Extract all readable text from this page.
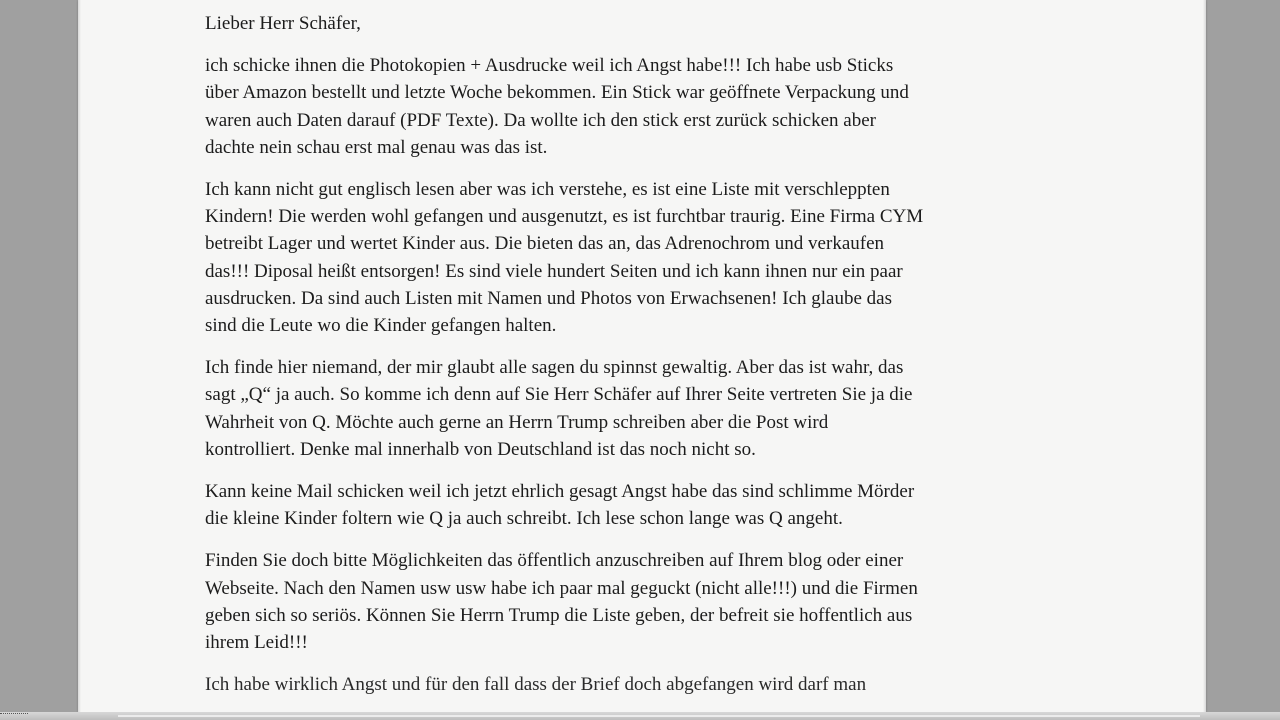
Lieber Herr Schäfer,
ich schicke ihnen die Photokopien + Ausdrucke weil ich Angst habe!!! Ich habe usb Sticks
über Amazon bestellt und letzte Woche bekommen. Ein Stick war geöffnete Verpackung und
waren auch Daten darauf (PDF Texte). Da wollte ich den stick erst zurück schicken aber
dachte nein schau erst mal genau was das ist.
Ich kann nicht gut englisch lesen aber was ich verstehe, es ist eine Liste mit verschleppten
Kindern! Die werden wohl gefangen und ausgenutzt, es ist furchtbar traurig. Eine Firma CYM
betreibt Lager und wertet Kinder aus. Die bieten das an, das Adrenochrom und verkaufen
das!!! Diposal heißt entsorgen! Es sind viele hundert Seiten und ich kann ihnen nur ein paar
ausdrucken. Da sind auch Listen mit Namen und Photos von Erwachsenen! Ich glaube das
sind die Leute wo die Kinder gefangen halten.
Ich finde hier niemand, der mir glaubt alle sagen du spinnst gewaltig. Aber das ist wahr, das
sagt „Q“ ja auch. So komme ich denn auf Sie Herr Schäfer auf Ihrer Seite vertreten Sie ja die
Wahrheit von Q. Möchte auch gerne an Herrn Trump schreiben aber die Post wird
kontrolliert. Denke mal innerhalb von Deutschland ist das noch nicht so.
Kann keine Mail schicken weil ich jetzt ehrlich gesagt Angst habe das sind schlimme Mörder
die kleine Kinder foltern wie Q ja auch schreibt. Ich lese schon lange was Q angeht.
Finden Sie doch bitte Möglichkeiten das öffentlich anzuschreiben auf Ihrem blog oder einer
Webseite. Nach den Namen usw usw habe ich paar mal geguckt (nicht alle!!!) und die Firmen
geben sich so seriös. Können Sie Herrn Trump die Liste geben, der befreit sie hoffentlich aus
ihrem Leid!!!
Ich habe wirklich Angst und für den fall dass der Brief doch abgefangen wird darf man
